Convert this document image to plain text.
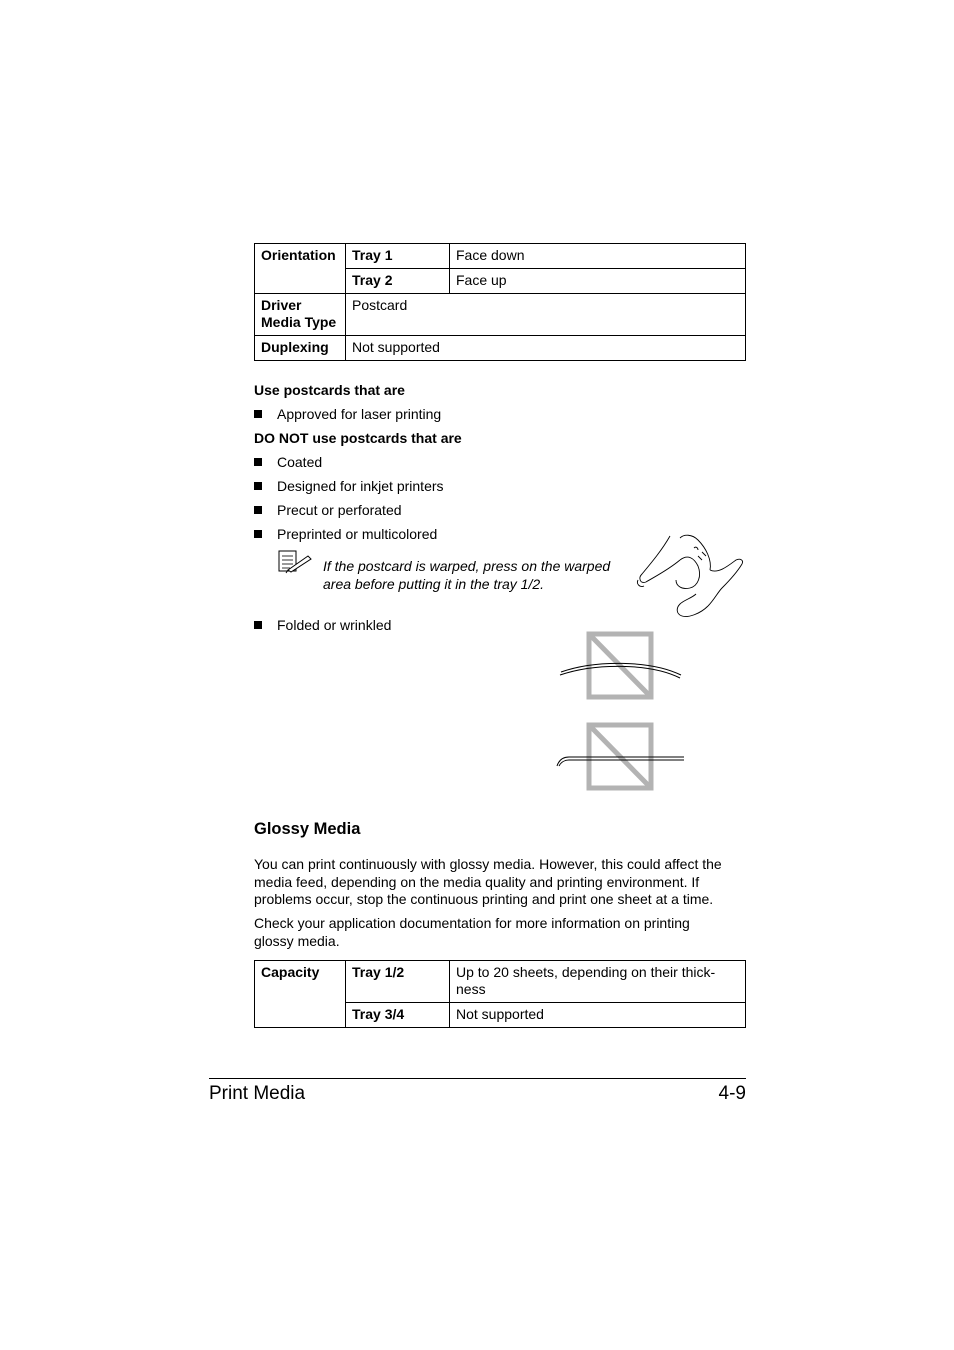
Orientation	Tray 1	Face down
	Tray 2	Face up
Driver Media Type	Postcard	
Duplexing	Not supported	
Use postcards that are
Approved for laser printing
DO NOT use postcards that are
Coated
Designed for inkjet printers
Precut or perforated
Preprinted or multicolored
If the postcard is warped, press on the warped
area before putting it in the tray 1/2.
Folded or wrinkled
Glossy Media
You can print continuously with glossy media. However, this could affect the
media feed, depending on the media quality and printing environment. If
problems occur, stop the continuous printing and print one sheet at a time.
Check your application documentation for more information on printing
glossy media.
Capacity	Tray 1/2	Up to 20 sheets, depending on their thick-ness

	Tray 3/4	Not supported
Print Media	4-9
